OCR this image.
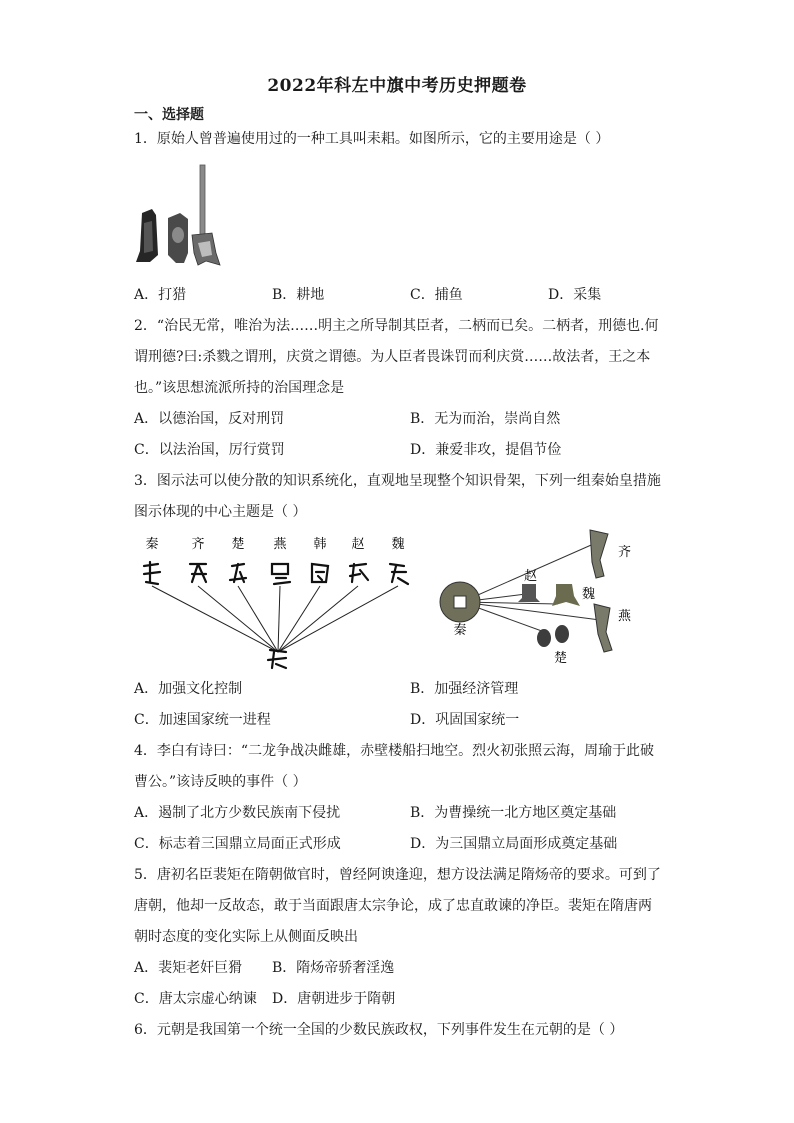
2022年科左中旗中考历史押题卷
一、选择题
1．原始人曾普遍使用过的一种工具叫耒耜。如图所示，它的主要用途是（ ）
A．打猎	B．耕地	C．捕鱼	D．采集
2．“治民无常，唯治为法……明主之所导制其臣者，二柄而已矣。二柄者，刑德也.何
谓刑德?曰:杀戮之谓刑，庆赏之谓德。为人臣者畏诛罚而利庆赏……故法者，王之本
也。”该思想流派所持的治国理念是
A．以德治国，反对刑罚	B．无为而治，崇尚自然
C．以法治国，厉行赏罚	D．兼爱非攻，提倡节俭
3．图示法可以使分散的知识系统化，直观地呈现整个知识骨架，下列一组秦始皇措施
图示体现的中心主题是（ ）
秦	齐 楚 燕 韩 赵 魏
秦
齐
赵
魏
燕
楚
A．加强文化控制	B．加强经济管理
C．加速国家统一进程	D．巩固国家统一
4．李白有诗曰：“二龙争战决雌雄，赤壁楼船扫地空。烈火初张照云海，周瑜于此破
曹公。”该诗反映的事件（ ）
A．遏制了北方少数民族南下侵扰	B．为曹操统一北方地区奠定基础
C．标志着三国鼎立局面正式形成	D．为三国鼎立局面形成奠定基础
5．唐初名臣裴矩在隋朝做官时，曾经阿谀逢迎，想方设法满足隋炀帝的要求。可到了
唐朝，他却一反故态，敢于当面跟唐太宗争论，成了忠直敢谏的净臣。裴矩在隋唐两
朝时态度的变化实际上从侧面反映出
A．裴矩老奸巨猾 B．隋炀帝骄奢淫逸
C．唐太宗虚心纳谏 D．唐朝进步于隋朝
6．元朝是我国第一个统一全国的少数民族政权，下列事件发生在元朝的是（ ）
